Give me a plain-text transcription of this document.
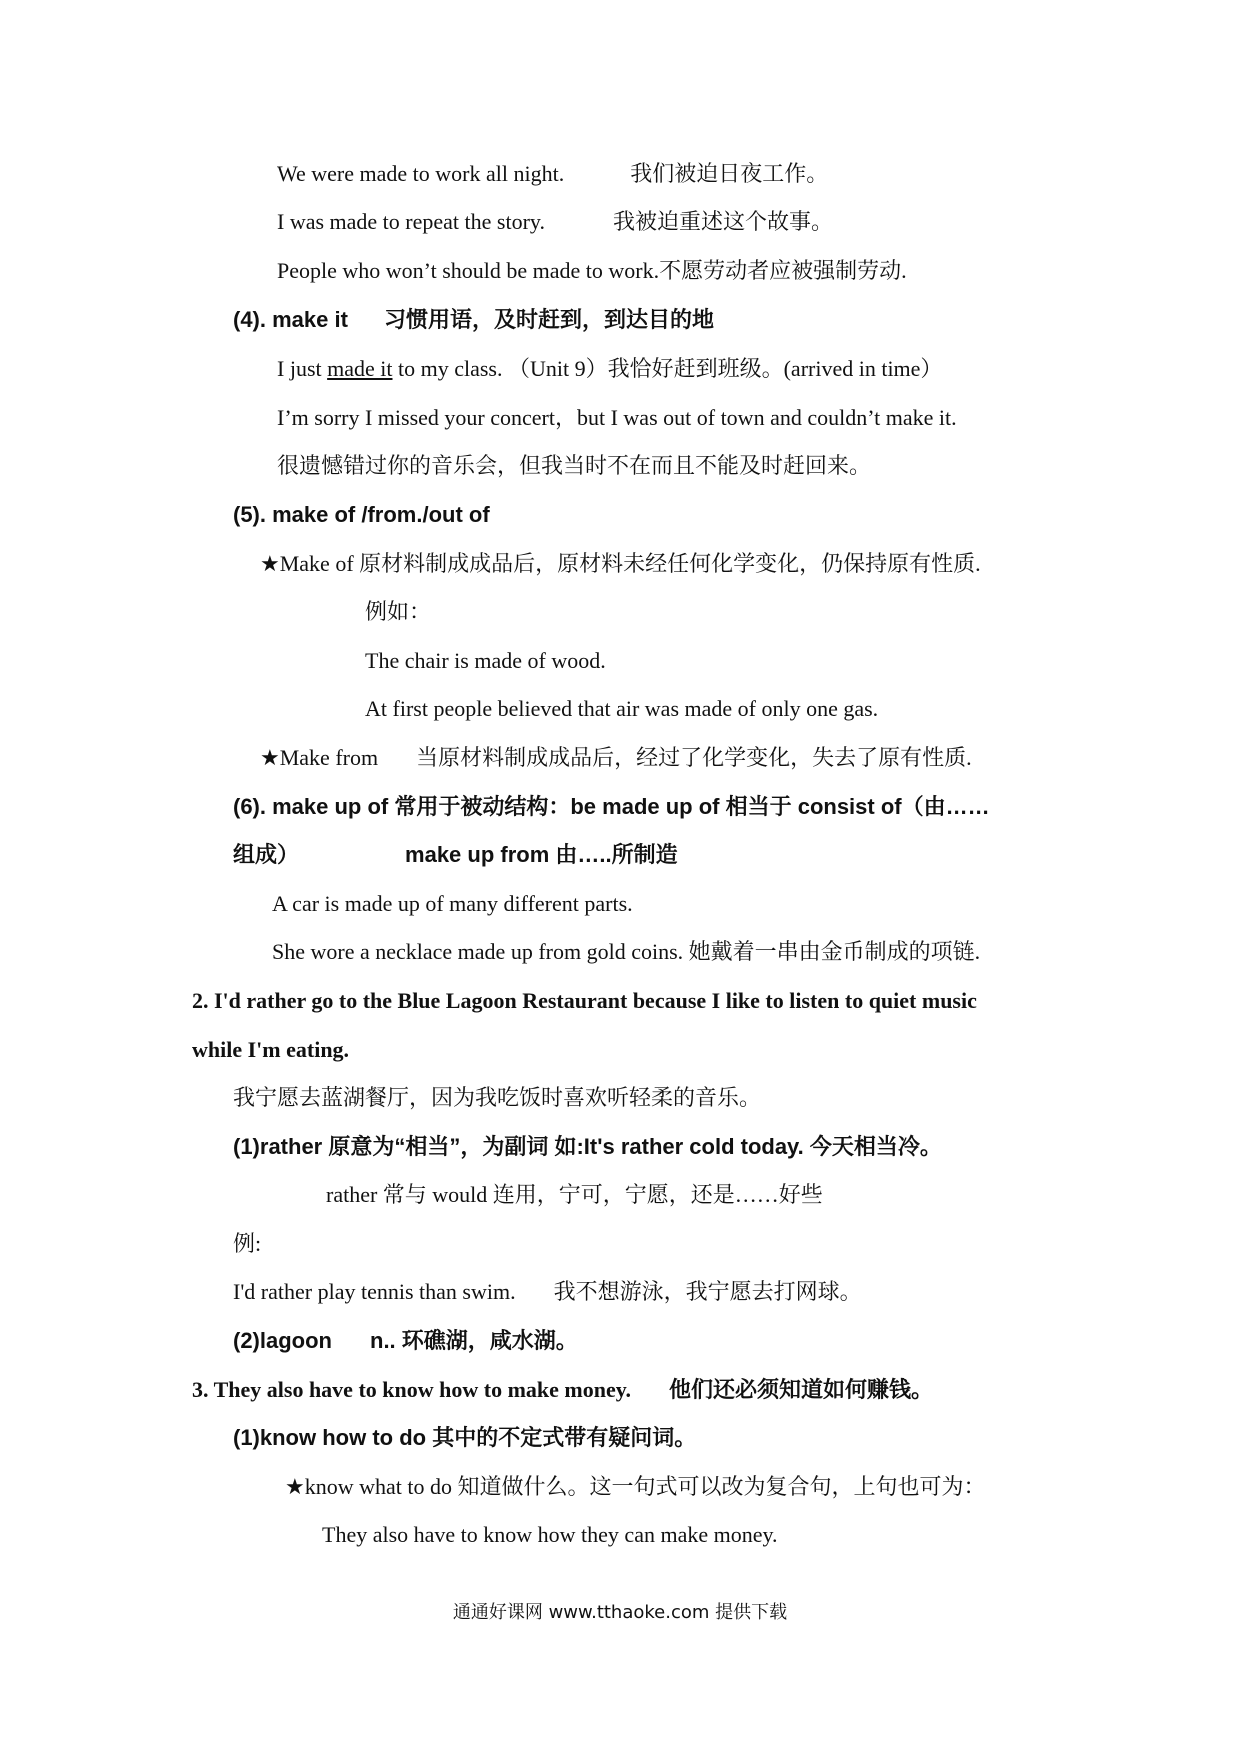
We were made to work all night.	我们被迫日夜工作。
I was made to repeat the story.	我被迫重述这个故事。
People who won’t should be made to work.不愿劳动者应被强制劳动.
(4). make it 习惯用语，及时赶到，到达目的地
I just made it to my class. （Unit 9）我恰好赶到班级。(arrived in time）
I’m sorry I missed your concert，but I was out of town and couldn’t make it.
很遗憾错过你的音乐会，但我当时不在而且不能及时赶回来。
(5). make of /from./out of
★Make of 原材料制成成品后，原材料未经任何化学变化，仍保持原有性质.
例如：
The chair is made of wood.
At first people believed that air was made of only one gas.
★Make from 当原材料制成成品后，经过了化学变化，失去了原有性质.
(6). make up of 常用于被动结构：be made up of 相当于 consist of（由……
组成）	make up from 由…..所制造
A car is made up of many different parts.
She wore a necklace made up from gold coins. 她戴着一串由金币制成的项链.
2. I'd rather go to the Blue Lagoon Restaurant because I like to listen to quiet music
while I'm eating.
我宁愿去蓝湖餐厅，因为我吃饭时喜欢听轻柔的音乐。
(1)rather 原意为“相当”，为副词 如:It's rather cold today. 今天相当冷。
rather 常与 would 连用，宁可，宁愿，还是……好些
例:
I'd rather play tennis than swim. 我不想游泳，我宁愿去打网球。
(2)lagoon n.. 环礁湖，咸水湖。
3. They also have to know how to make money. 他们还必须知道如何赚钱。
(1)know how to do 其中的不定式带有疑问词。
★know what to do 知道做什么。这一句式可以改为复合句，上句也可为：
They also have to know how they can make money.
通通好课网 www.tthaoke.com 提供下载
